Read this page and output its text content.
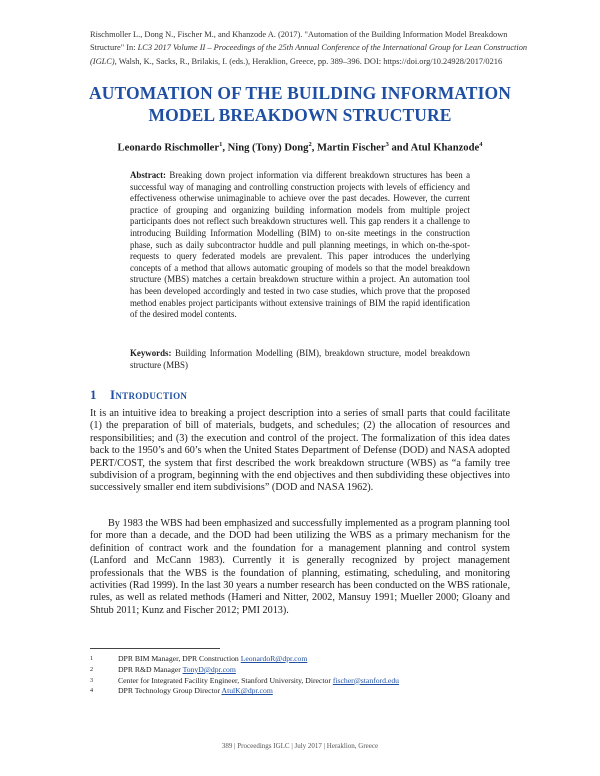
Rischmoller L., Dong N., Fischer M., and Khanzode A. (2017). "Automation of the Building Information Model Breakdown Structure" In: LC3 2017 Volume II – Proceedings of the 25th Annual Conference of the International Group for Lean Construction (IGLC), Walsh, K., Sacks, R., Brilakis, I. (eds.), Heraklion, Greece, pp. 389–396. DOI: https://doi.org/10.24928/2017/0216
AUTOMATION OF THE BUILDING INFORMATION
MODEL BREAKDOWN STRUCTURE
Leonardo Rischmoller$^1$, Ning (Tony) Dong$^2$, Martin Fischer$^3$ and Atul Khanzode$^4$
Abstract: Breaking down project information via different breakdown structures has been a successful way of managing and controlling construction projects with levels of efficiency and effectiveness otherwise unimaginable to achieve over the past decades. However, the current practice of grouping and organizing building information models from multiple project participants does not reflect such breakdown structures well. This gap renders it a challenge to introducing Building Information Modelling (BIM) to on-site meetings in the construction phase, such as daily subcontractor huddle and pull planning meetings, in which on-the-spot-requests to query federated models are prevalent. This paper introduces the underlying concepts of a method that allows automatic grouping of models so that the model breakdown structure (MBS) matches a certain breakdown structure within a project. An automation tool has been developed accordingly and tested in two case studies, which prove that the proposed method enables project participants without extensive trainings of BIM the rapid identification of the desired model contents.
Keywords: Building Information Modelling (BIM), breakdown structure, model breakdown structure (MBS)
1 Introduction
It is an intuitive idea to breaking a project description into a series of small parts that could facilitate (1) the preparation of bill of materials, budgets, and schedules; (2) the allocation of resources and responsibilities; and (3) the execution and control of the project. The formalization of this idea dates back to the 1950’s and 60’s when the United States Department of Defense (DOD) and NASA adopted PERT/COST, the system that first described the work breakdown structure (WBS) as “a family tree subdivision of a program, beginning with the end objectives and then subdividing these objectives into successively smaller end item subdivisions” (DOD and NASA 1962).
By 1983 the WBS had been emphasized and successfully implemented as a program planning tool for more than a decade, and the DOD had been utilizing the WBS as a primary mechanism for the definition of contract work and the foundation for a management planning and control system (Lanford and McCann 1983). Currently it is generally recognized by project management professionals that the WBS is the foundation of planning, estimating, scheduling, and monitoring activities (Rad 1999). In the last 30 years a number research has been conducted on the WBS rationale, rules, as well as related methods (Hameri and Nitter, 2002, Mansuy 1991; Mueller 2000; Gloany and Shtub 2011; Kunz and Fischer 2012; PMI 2013).
1	DPR BIM Manager, DPR Construction LeonardoR@dpr.com
2	DPR R&D Manager TonyD@dpr.com
3	Center for Integrated Facility Engineer, Stanford University, Director fischer@stanford.edu
4	DPR Technology Group Director AtulK@dpr.com
389 | Proceedings IGLC | July 2017 | Heraklion, Greece
